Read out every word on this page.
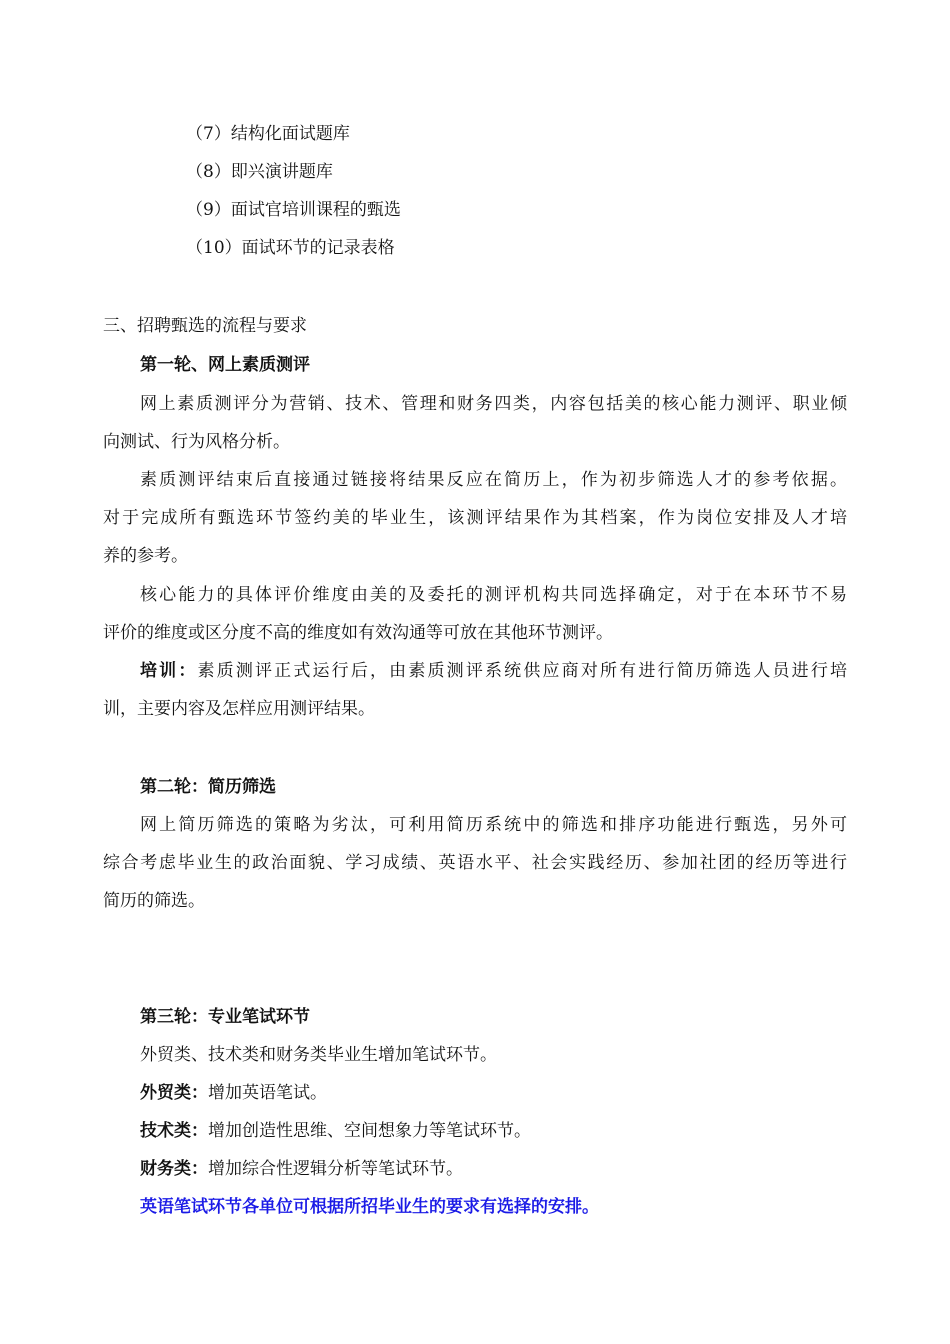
（7）结构化面试题库
（8）即兴演讲题库
（9）面试官培训课程的甄选
（10）面试环节的记录表格
三、招聘甄选的流程与要求
第一轮、网上素质测评
网上素质测评分为营销、技术、管理和财务四类，内容包括美的核心能力测评、职业倾
向测试、行为风格分析。
素质测评结束后直接通过链接将结果反应在简历上，作为初步筛选人才的参考依据。
对于完成所有甄选环节签约美的毕业生，该测评结果作为其档案，作为岗位安排及人才培
养的参考。
核心能力的具体评价维度由美的及委托的测评机构共同选择确定，对于在本环节不易
评价的维度或区分度不高的维度如有效沟通等可放在其他环节测评。
培训：素质测评正式运行后，由素质测评系统供应商对所有进行简历筛选人员进行培
训，主要内容及怎样应用测评结果。
第二轮：简历筛选
网上简历筛选的策略为劣汰，可利用简历系统中的筛选和排序功能进行甄选，另外可
综合考虑毕业生的政治面貌、学习成绩、英语水平、社会实践经历、参加社团的经历等进行
简历的筛选。
第三轮：专业笔试环节
外贸类、技术类和财务类毕业生增加笔试环节。
外贸类：增加英语笔试。
技术类：增加创造性思维、空间想象力等笔试环节。
财务类：增加综合性逻辑分析等笔试环节。
英语笔试环节各单位可根据所招毕业生的要求有选择的安排。
